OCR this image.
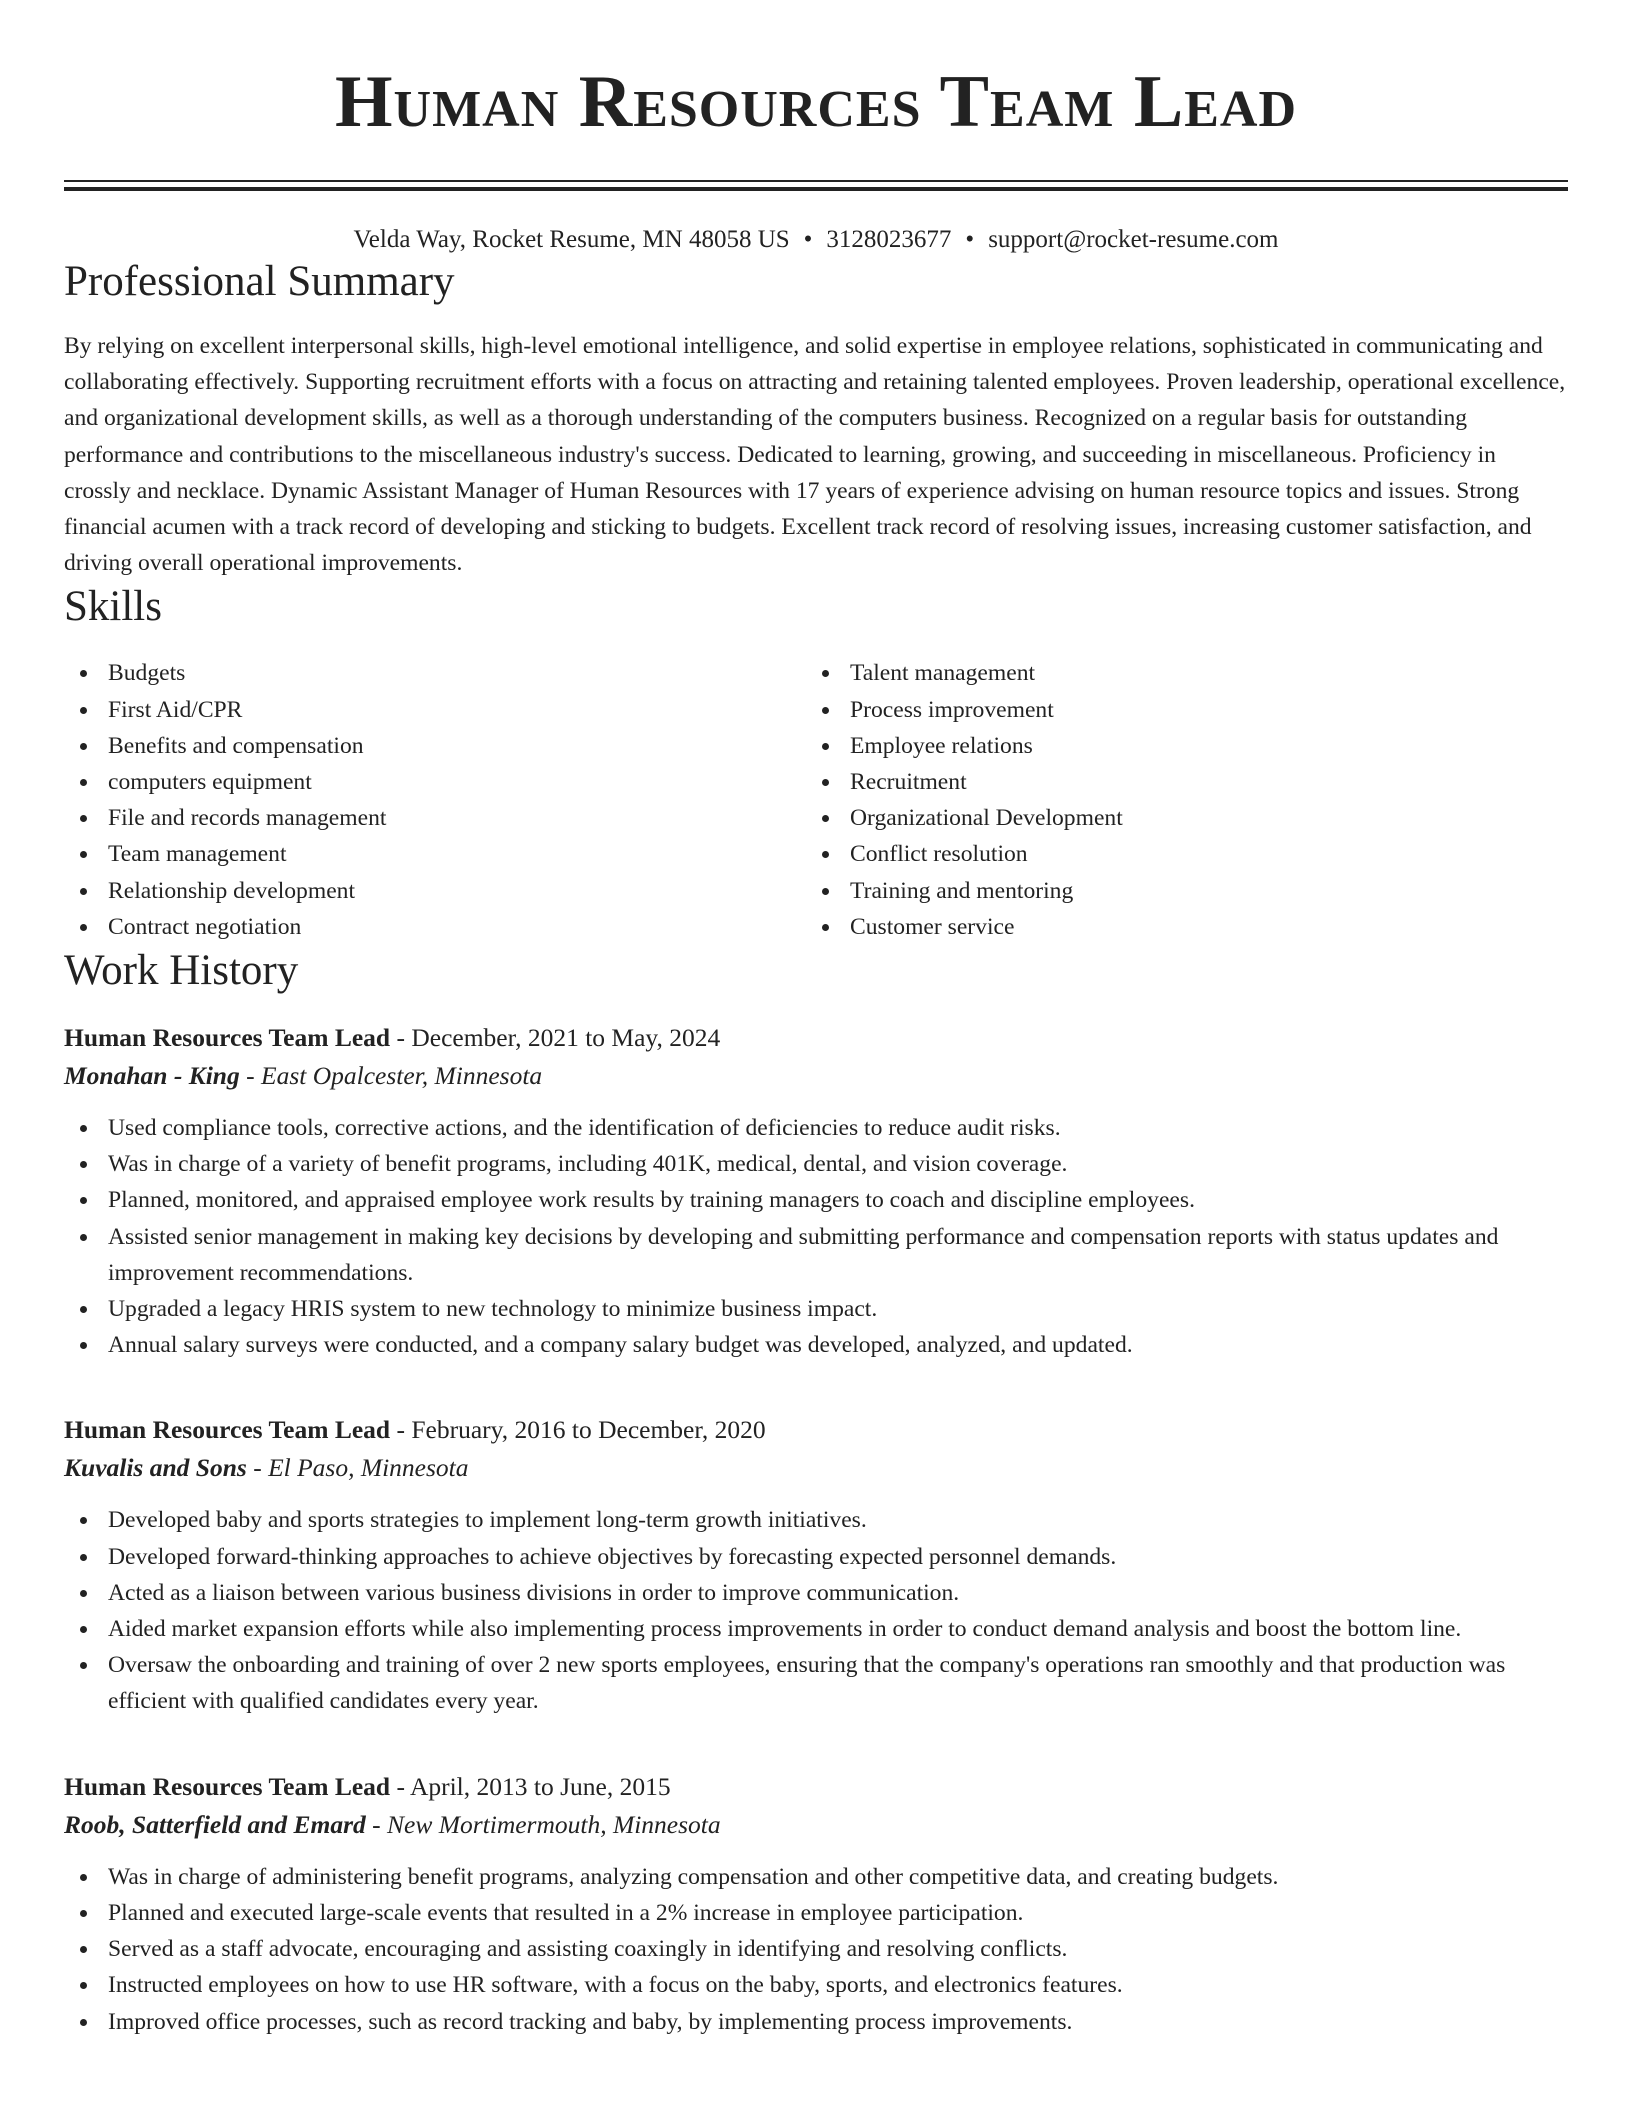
Human Resources Team Lead
Velda Way, Rocket Resume, MN 48058 US • 3128023677 • support@rocket-resume.com
Professional Summary

By relying on excellent interpersonal skills, high-level emotional intelligence, and solid expertise in employee relations, sophisticated in communicating and collaborating effectively. Supporting recruitment efforts with a focus on attracting and retaining talented employees. Proven leadership, operational excellence, and organizational development skills, as well as a thorough understanding of the computers business. Recognized on a regular basis for outstanding performance and contributions to the miscellaneous industry's success. Dedicated to learning, growing, and succeeding in miscellaneous. Proficiency in crossly and necklace. Dynamic Assistant Manager of Human Resources with 17 years of experience advising on human resource topics and issues. Strong financial acumen with a track record of developing and sticking to budgets. Excellent track record of resolving issues, increasing customer satisfaction, and driving overall operational improvements.

Skills
Budgets
First Aid/CPR
Benefits and compensation
computers equipment
File and records management
Team management
Relationship development
Contract negotiation
Talent management
Process improvement
Employee relations
Recruitment
Organizational Development
Conflict resolution
Training and mentoring
Customer service
Work History
Human Resources Team Lead - December, 2021 to May, 2024
Monahan - King - East Opalcester, Minnesota
Used compliance tools, corrective actions, and the identification of deficiencies to reduce audit risks.
Was in charge of a variety of benefit programs, including 401K, medical, dental, and vision coverage.
Planned, monitored, and appraised employee work results by training managers to coach and discipline employees.
Assisted senior management in making key decisions by developing and submitting performance and compensation reports with status updates and improvement recommendations.
Upgraded a legacy HRIS system to new technology to minimize business impact.
Annual salary surveys were conducted, and a company salary budget was developed, analyzed, and updated.
Human Resources Team Lead - February, 2016 to December, 2020
Kuvalis and Sons - El Paso, Minnesota
Developed baby and sports strategies to implement long-term growth initiatives.
Developed forward-thinking approaches to achieve objectives by forecasting expected personnel demands.
Acted as a liaison between various business divisions in order to improve communication.
Aided market expansion efforts while also implementing process improvements in order to conduct demand analysis and boost the bottom line.
Oversaw the onboarding and training of over 2 new sports employees, ensuring that the company's operations ran smoothly and that production was efficient with qualified candidates every year.
Human Resources Team Lead - April, 2013 to June, 2015
Roob, Satterfield and Emard - New Mortimermouth, Minnesota
Was in charge of administering benefit programs, analyzing compensation and other competitive data, and creating budgets.
Planned and executed large-scale events that resulted in a 2% increase in employee participation.
Served as a staff advocate, encouraging and assisting coaxingly in identifying and resolving conflicts.
Instructed employees on how to use HR software, with a focus on the baby, sports, and electronics features.
Improved office processes, such as record tracking and baby, by implementing process improvements.
